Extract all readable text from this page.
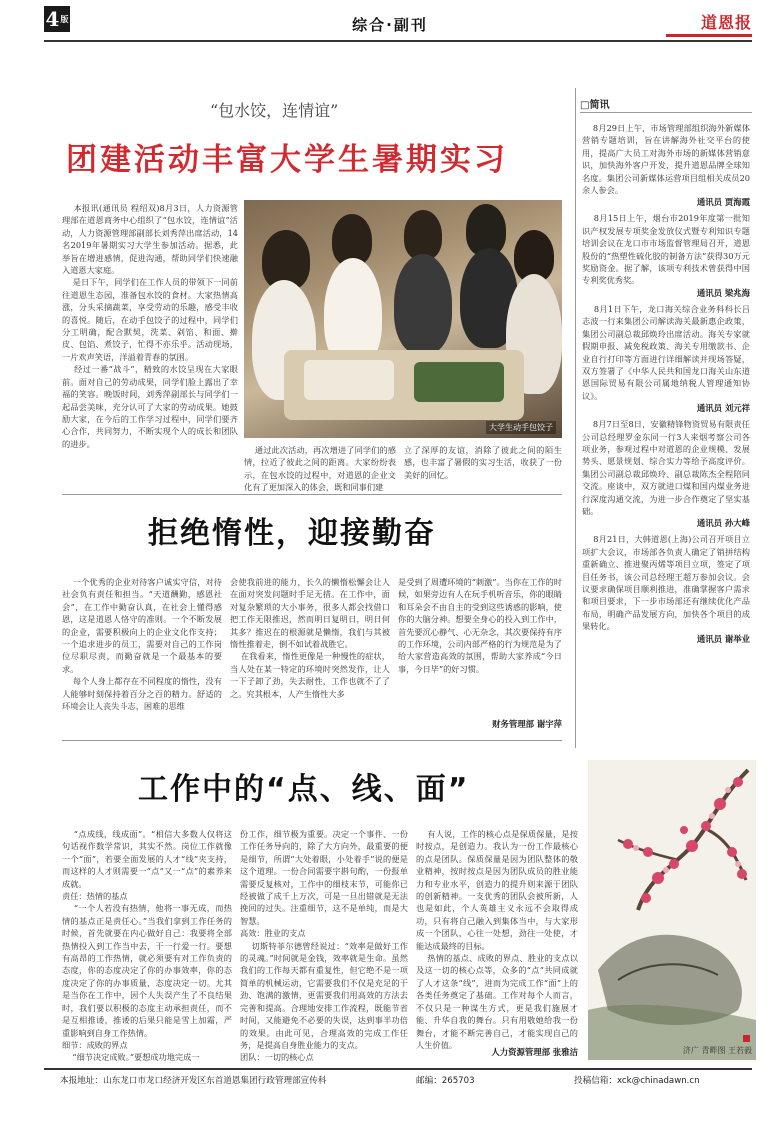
4 版	综合·副刊	道恩报
“包水饺，连情谊”
团建活动丰富大学生暑期实习

本报讯(通讯员 程绍双)8月3日，人力资源管理部在道恩商务中心组织了“包水饺，连情谊”活动，人力资源管理部副部长刘秀萍出席活动，14名2019年暑期实习大学生参加活动。据悉，此举旨在增进感情，促进沟通，帮助同学们快速融入道恩大家庭。
是日下午，同学们在工作人员的带领下一同前往道恩生态园，准备包水饺的食材。大家热情高涨，分头采摘蔬菜，享受劳动的乐趣，感受丰收的喜悦。随后，在动手包饺子的过程中，同学们分工明确，配合默契，洗菜、剁馅、和面、擀皮、包馅、煮饺子，忙得不亦乐乎。活动现场，一片欢声笑语，洋溢着青春的氛围。
经过一番“战斗”，精致的水饺呈现在大家眼前。面对自己的劳动成果，同学们脸上露出了幸福的笑容。晚饭时间，刘秀萍副部长与同学们一起品尝美味，充分认可了大家的劳动成果。她鼓励大家，在今后的工作学习过程中，同学们要齐心合作，共同努力，不断实现个人的成长和团队的进步。

大学生动手包饺子

通过此次活动，再次增进了同学们的感情，拉近了彼此之间的距离。大家纷纷表示，在包水饺的过程中，对道恩的企业文化有了更加深入的体会，既和同事们建

立了深厚的友谊，消除了彼此之间的陌生感，也丰富了暑假的实习生活，收获了一份美好的回忆。

拒绝惰性，迎接勤奋

一个优秀的企业对待客户诚实守信，对待社会负有责任和担当。“天道酬勤，感恩社会”，在工作中勤奋认真，在社会上懂得感恩，这是道恩人恪守的准则。一个不断发展的企业，需要积极向上的企业文化作支持；一个追求进步的员工，需要对自己的工作岗位尽职尽责，而勤奋就是一个最基本的要求。
每个人身上都存在不同程度的惰性，没有人能够时刻保持着百分之百的精力。舒适的环境会让人丧失斗志，困难的思维

会使我前进的能力，长久的懒惰松懈会让人在面对突发问题时手足无措。在工作中，面对复杂繁琐的大小事务，很多人都会找借口把工作无限推迟，然而明日复明日，明日何其多？推迟在的根源就是懒惰，我们与其被惰性推着走，倒不如试着战胜它。
在我看来，惰性更像是一种慢性的症状，当人处在某一特定的环境时突然发作，让人一下子卸了劲，失去耐性，工作也就不了了之。究其根本，人产生惰性大多

是受到了周遭环境的“刺激”。当你在工作的时候，如果旁边有人在玩手机听音乐，你的眼睛和耳朵会不由自主的受到这些诱惑的影响，使你的大脑分神。想要全身心的投入到工作中，首先要沉心静气、心无杂念，其次要保持有序的工作环境，公司内部严格的行为规范是为了给大家营造高效的氛围，帮助大家养成“今日事，今日毕”的好习惯。

财务管理部 谢宇萍
工作中的“点、线、面”

“点成线，线成面”。“相信大多数人仅将这句话视作数学常识，其实不然。岗位工作就像一个“面”，若要全面发展的人才“线”夹支持，而这样的人才则需要一“点”又一“点”的素养来成就。
责任：热情的基点
“一个人若没有热情，他将一事无成，而热情的基点正是责任心。”当我们拿到工作任务的时候，首先就要在内心做好自己：我要将全部热情投入到工作当中去，干一行爱一行。要想有高昂的工作热情，就必须要有对工作负责的态度，你的态度决定了你的办事效率，你的态度决定了你的办事质量，态度决定一切。尤其是当你在工作中，因个人失误产生了不良结果时，我们要以积极的态度主动承担责任，而不是互相推诿，推诿的后果只能是雪上加霜，严重影响到自身工作热情。
细节：成败的界点
“细节决定成败。”要想成功地完成一

份工作，细节极为重要。决定一个事件、一份工作任务导向的，除了大方向外，最重要的便是细节，所谓“大处着眼，小处着手”说的便是这个道理。一份合同需要字斟句酌，一份报单需要反复核对，工作中的细枝末节，可能你已经被做了成千上万次，可是一旦出错就是无法挽回的过失。注重细节，这不是单纯，而是大智慧。
高效：胜业的支点
切斯特菲尔德曾经说过：“效率是做好工作的灵魂。”时间就是金钱，效率就是生命。虽然我们的工作每天都有重复性，但它绝不是一项简单的机械运动，它需要我们不仅是充足的干劲、饱满的激情，更需要我们用高效的方法去完善和提高。合理地安排工作流程，既能节省时间，又能避免不必要的失误，达到事半功倍的效果。由此可见，合理高效的完成工作任务，是提高自身胜业能力的支点。
团队：一切的核心点

有人说，工作的核心点是保质保量，是按时按点，是创造力。我认为一份工作最核心的点是团队。保质保量是因为团队整体的敬业精神，按时按点是因为团队成员的胜业能力和专业水平，创造力的提升则来源于团队的创新精神。一支优秀的团队会被所新，人也是如此，个人英雄主义永远不会取得成功，只有将自己融入到集体当中，与大家形成一个团队，心往一处想，劲往一处使，才能达成最终的目标。
热情的基点、成败的界点、胜业的支点以及这一切的核心点等，众多的“点”共同成就了人才这条“线”，进而为完成工作“面”上的各类任务奠定了基础。工作对每个人而言，不仅只是一种谋生方式，更是我们施展才能、升华自我的舞台。只有用敬她给我一份舞台，才能不断完善自己，才能实现自己的人生价值。

人力资源管理部 张雅洁
□简讯

8月29日上午，市场管理部组织海外新媒体营销专题培训，旨在讲解海外社交平台的使用，提高广大员工对海外市场的新媒体营销意识，加快海外客户开发，提升道恩品牌全球知名度。集团公司新媒体运营项目组相关成员20余人参会。

通讯员 贾海霞

8月15日上午，烟台市2019年度第一批知识产权发展专项奖金发放仪式暨专利知识专题培训会议在龙口市市场监督管理局召开，道恩股份的“热塑性硫化胶的制备方法”获得30万元奖励资金。据了解，该项专利技术曾获得中国专利奖优秀奖。

通讯员 梁兆海

8月1日下午，龙口海关综合业务科科长吕志波一行来集团公司解读海关最新惠企政策，集团公司副总裁邱焕玲出席活动。海关专家就假期申报、减免税政策、海关专用缴款书、企业自行打印等方面进行详细解读并现场答疑，双方签署了《中华人民共和国龙口海关山东道恩国际贸易有限公司属地纳税人管理通知协议》。

通讯员 刘元祥

8月7日至8日，安徽精锋物资贸易有限责任公司总经理罗金东同一行3人来烟考察公司各项业务，参观过程中对道恩的企业规模、发展势头、愿景规划、综合实力等给予高度评价。集团公司副总裁邱焕玲、副总裁陈杰全程陪同交流。座谈中，双方就进口煤和国内煤业务进行深度沟通交流，为进一步合作奠定了坚实基础。

通讯员 孙大峰

8月21日，大韩道恩(上海)公司召开项目立项扩大会议，市场部各负责人确定了销拼结构重新确立、推进聚丙烯等项目立项，签定了项目任务书，该公司总经理王超万参加会议。会议要求确保项目顺利推进，准确掌握客户需求和项目要求，下一步市场部还有继续优化产品布局，明确产品发展方向，加快各个项目的成果转化。

通讯员 谢举业
济广 青畔图 王若毅
本报地址：山东龙口市龙口经济开发区东首道恩集团行政管理部宣传科	邮编：265703	投稿信箱：xck@chinadawn.cn
